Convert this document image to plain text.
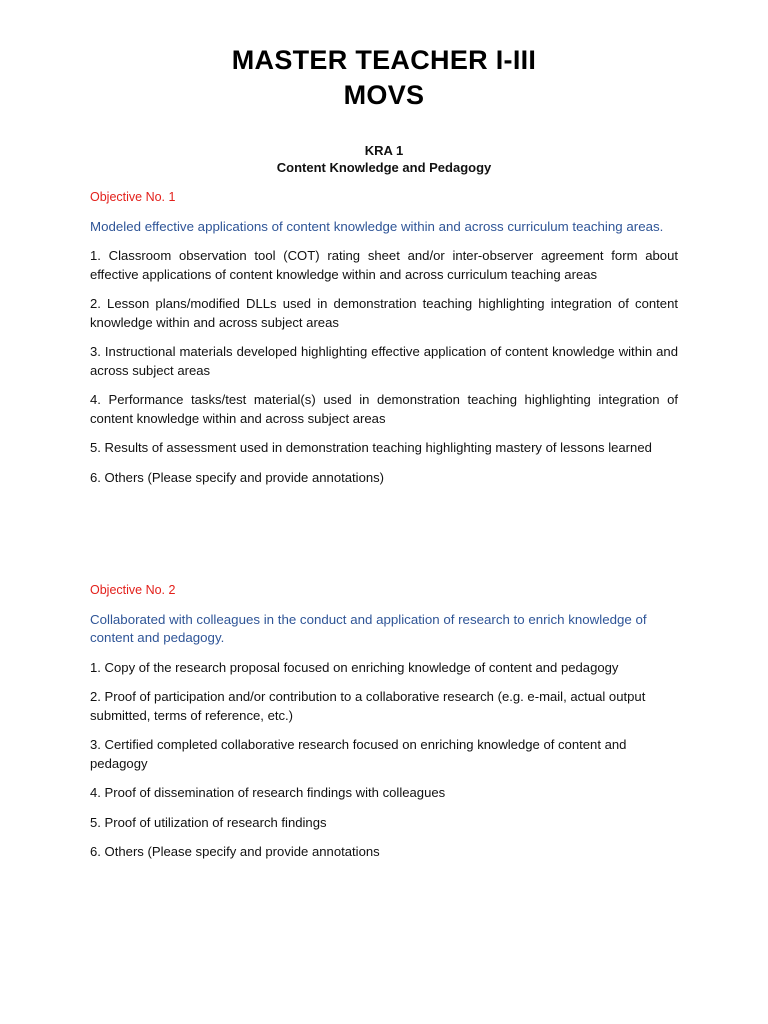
MASTER TEACHER I-III
MOVS

KRA 1

Content Knowledge and Pedagogy

Objective No. 1

Modeled effective applications of content knowledge within and across curriculum teaching areas.

1. Classroom observation tool (COT) rating sheet and/or inter-observer agreement form about effective applications of content knowledge within and across curriculum teaching areas

2. Lesson plans/modified DLLs used in demonstration teaching highlighting integration of content knowledge within and across subject areas

3. Instructional materials developed highlighting effective application of content knowledge within and across subject areas

4. Performance tasks/test material(s) used in demonstration teaching highlighting integration of content knowledge within and across subject areas

5. Results of assessment used in demonstration teaching highlighting mastery of lessons learned

6. Others (Please specify and provide annotations)

Objective No. 2

Collaborated with colleagues in the conduct and application of research to enrich knowledge of content and pedagogy.

1. Copy of the research proposal focused on enriching knowledge of content and pedagogy

2. Proof of participation and/or contribution to a collaborative research (e.g. e-mail, actual output submitted, terms of reference, etc.)

3. Certified completed collaborative research focused on enriching knowledge of content and pedagogy

4. Proof of dissemination of research findings with colleagues

5. Proof of utilization of research findings

6. Others (Please specify and provide annotations
